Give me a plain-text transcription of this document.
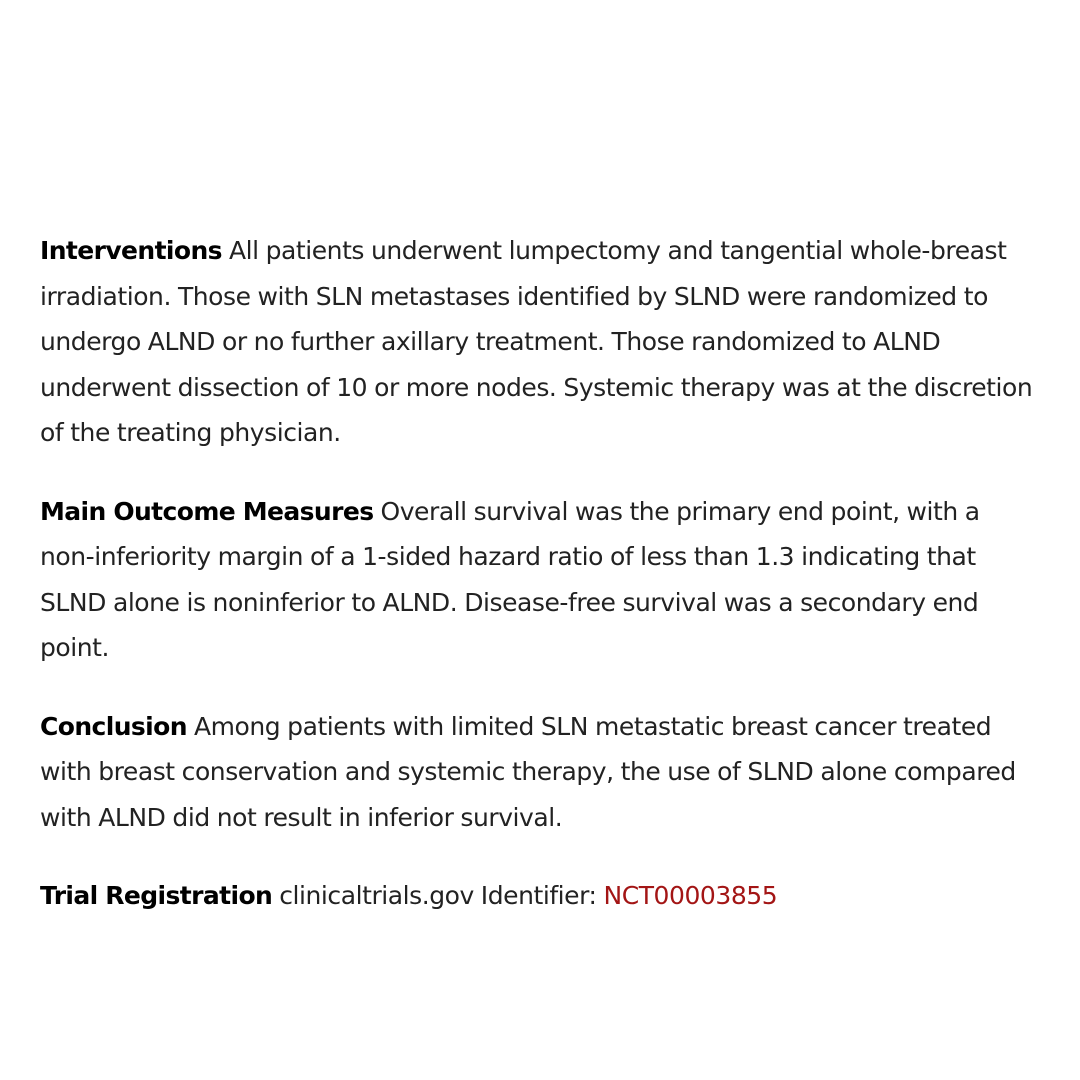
Interventions All patients underwent lumpectomy and tangential whole-breast irradiation. Those with SLN metastases identified by SLND were randomized to undergo ALND or no further axillary treatment. Those randomized to ALND underwent dissection of 10 or more nodes. Systemic therapy was at the discretion of the treating physician.

Main Outcome Measures Overall survival was the primary end point, with a non-inferiority margin of a 1-sided hazard ratio of less than 1.3 indicating that SLND alone is noninferior to ALND. Disease-free survival was a secondary end point.

Conclusion Among patients with limited SLN metastatic breast cancer treated with breast conservation and systemic therapy, the use of SLND alone compared with ALND did not result in inferior survival.

Trial Registration clinicaltrials.gov Identifier: NCT00003855
